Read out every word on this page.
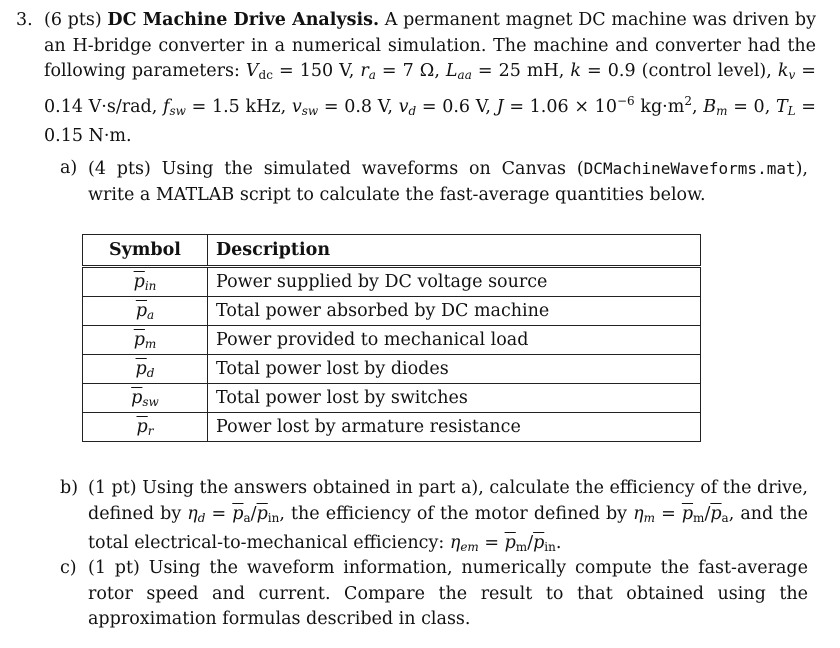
3. (6 pts) DC Machine Drive Analysis. A permanent magnet DC machine was driven by an H-bridge converter in a numerical simulation. The machine and converter had the following parameters: $V_{dc} = 150$ V, $r_a = 7$ Ω, $L_{aa} = 25$ mH, k = 0.9 (control level), $k_v = 0.14$ V·s/rad, $f_{sw} = 1.5$ kHz, $v_{sw} = 0.8$ V, $v_d = 0.6$ V, $J = 1.06 \times 10^{-6}$ $kg\cdot m^2$, $B_m = 0$, $T_L = 0.15$ N·m.
a) (4 pts) Using the simulated waveforms on Canvas (DCMachineWaveforms.mat), write a MATLAB script to calculate the fast-average quantities below.
Symbol	Description
$\overline{p}_{in}$	Power supplied by DC voltage source
$\overline{p}_a$	Total power absorbed by DC machine
$\overline{p}_m$	Power provided to mechanical load
$\overline{p}_d$	Total power lost by diodes
$\overline{p}_{sw}$	Total power lost by switches
$\overline{p}_r$	Power lost by armature resistance
b) (1 pt) Using the answers obtained in part a), calculate the efficiency of the drive, defined by $\eta_d = \overline{p}_a/\overline{p}_{in}$, the efficiency of the motor defined by $\eta_m = \overline{p}_m/\overline{p}_a$, and the total electrical-to-mechanical efficiency: $\eta_{em} = \overline{p}_m/\overline{p}_{in}$.
c) (1 pt) Using the waveform information, numerically compute the fast-average rotor speed and current. Compare the result to that obtained using the approximation formulas described in class.
